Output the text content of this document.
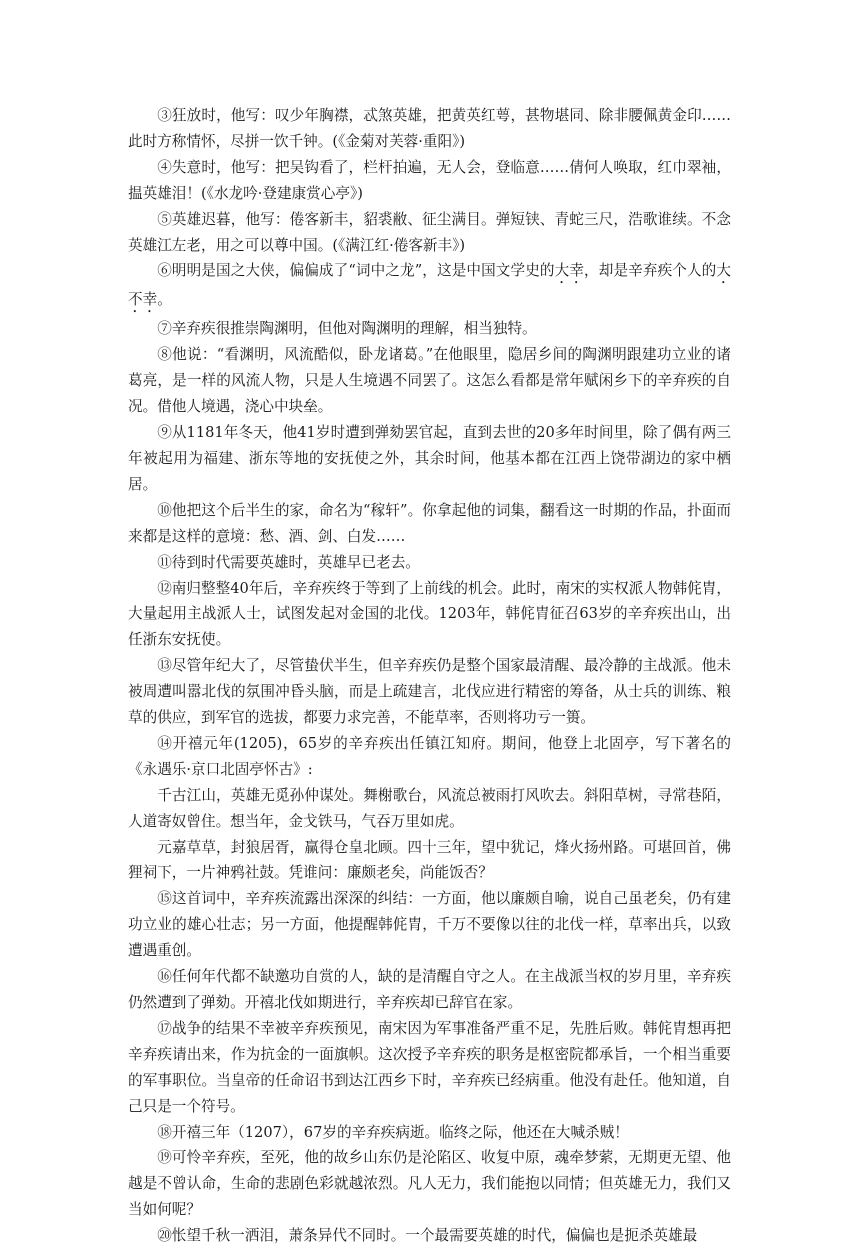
③狂放时，他写：叹少年胸襟，忒煞英雄，把黄英红萼，甚物堪同、除非腰佩黄金印……此时方称情怀，尽拼一饮千钟。(《金菊对芙蓉·重阳》)

④失意时，他写：把吴钩看了，栏杆拍遍，无人会，登临意……倩何人唤取，红巾翠袖，揾英雄泪！(《水龙吟·登建康赏心亭》)

⑤英雄迟暮，他写：倦客新丰，貂裘敝、征尘满目。弹短铗、青蛇三尺，浩歌谁续。不念英雄江左老，用之可以尊中国。(《满江红·倦客新丰》)

⑥明明是国之大侠，偏偏成了“词中之龙”，这是中国文学史的大幸，却是辛弃疾个人的大不幸。

⑦辛弃疾很推崇陶渊明，但他对陶渊明的理解，相当独特。

⑧他说：“看渊明，风流酷似，卧龙诸葛。”在他眼里，隐居乡间的陶渊明跟建功立业的诸葛亮，是一样的风流人物，只是人生境遇不同罢了。这怎么看都是常年赋闲乡下的辛弃疾的自况。借他人境遇，浇心中块垒。

⑨从1181年冬天，他41岁时遭到弹劾罢官起，直到去世的20多年时间里，除了偶有两三年被起用为福建、浙东等地的安抚使之外，其余时间，他基本都在江西上饶带湖边的家中栖居。

⑩他把这个后半生的家，命名为“稼轩”。你拿起他的词集，翻看这一时期的作品，扑面而来都是这样的意境：愁、酒、剑、白发……

⑪待到时代需要英雄时，英雄早已老去。

⑫南归整整40年后，辛弃疾终于等到了上前线的机会。此时，南宋的实权派人物韩侂胄，大量起用主战派人士，试图发起对金国的北伐。1203年，韩侂胄征召63岁的辛弃疾出山，出任浙东安抚使。

⑬尽管年纪大了，尽管蛰伏半生，但辛弃疾仍是整个国家最清醒、最冷静的主战派。他未被周遭叫嚣北伐的氛围冲昏头脑，而是上疏建言，北伐应进行精密的筹备，从士兵的训练、粮草的供应，到军官的选拔，都要力求完善，不能草率，否则将功亏一篑。

⑭开禧元年(1205)，65岁的辛弃疾出任镇江知府。期间，他登上北固亭，写下著名的《永遇乐·京口北固亭怀古》:

千古江山，英雄无觅孙仲谋处。舞榭歌台，风流总被雨打风吹去。斜阳草树，寻常巷陌，人道寄奴曾住。想当年，金戈铁马，气吞万里如虎。

元嘉草草，封狼居胥，赢得仓皇北顾。四十三年，望中犹记，烽火扬州路。可堪回首，佛狸祠下，一片神鸦社鼓。凭谁问：廉颇老矣，尚能饭否？

⑮这首词中，辛弃疾流露出深深的纠结：一方面，他以廉颇自喻，说自己虽老矣，仍有建功立业的雄心壮志；另一方面，他提醒韩侂胄，千万不要像以往的北伐一样，草率出兵，以致遭遇重创。

⑯任何年代都不缺邀功自赏的人，缺的是清醒自守之人。在主战派当权的岁月里，辛弃疾仍然遭到了弹劾。开禧北伐如期进行，辛弃疾却已辞官在家。

⑰战争的结果不幸被辛弃疾预见，南宋因为军事准备严重不足，先胜后败。韩侂胄想再把辛弃疾请出来，作为抗金的一面旗帜。这次授予辛弃疾的职务是枢密院都承旨，一个相当重要的军事职位。当皇帝的任命诏书到达江西乡下时，辛弃疾已经病重。他没有赴任。他知道，自己只是一个符号。

⑱开禧三年（1207），67岁的辛弃疾病逝。临终之际，他还在大喊杀贼！

⑲可怜辛弃疾，至死，他的故乡山东仍是沦陷区、收复中原，魂牵梦萦，无期更无望、他越是不曾认命，生命的悲剧色彩就越浓烈。凡人无力，我们能抱以同情；但英雄无力，我们又当如何呢？

⑳怅望千秋一洒泪，萧条异代不同时。一个最需要英雄的时代，偏偏也是扼杀英雄最
